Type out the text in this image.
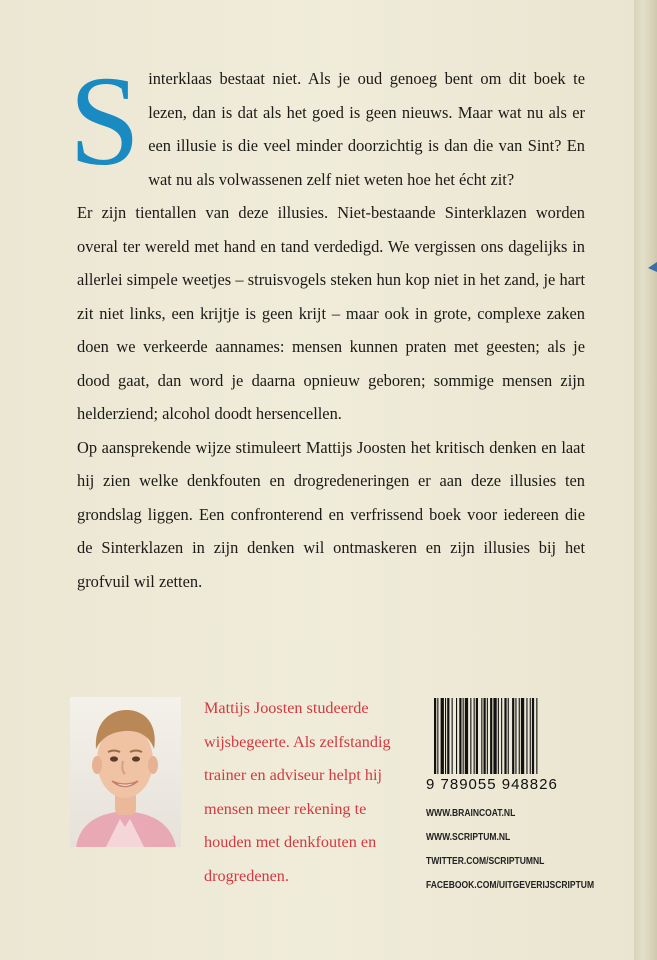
Sinterklaas bestaat niet. Als je oud genoeg bent om dit boek te lezen, dan is dat als het goed is geen nieuws. Maar wat nu als er een illusie is die veel minder doorzichtig is dan die van Sint? En wat nu als volwassenen zelf niet weten hoe het écht zit?

Er zijn tientallen van deze illusies. Niet-bestaande Sinterklazen worden overal ter wereld met hand en tand verdedigd. We vergissen ons dagelijks in allerlei simpele weetjes – struisvogels steken hun kop niet in het zand, je hart zit niet links, een krijtje is geen krijt – maar ook in grote, complexe zaken doen we verkeerde aannames: mensen kunnen praten met geesten; als je dood gaat, dan word je daarna opnieuw geboren; sommige mensen zijn helderziend; alcohol doodt hersencellen.

Op aansprekende wijze stimuleert Mattijs Joosten het kritisch denken en laat hij zien welke denkfouten en drogredeneringen er aan deze illusies ten grondslag liggen. Een confronterend en verfrissend boek voor iedereen die de Sinterklazen in zijn denken wil ontmaskeren en zijn illusies bij het grofvuil wil zetten.

Mattijs Joosten studeerde
wijsbegeerte. Als zelfstandig
trainer en adviseur helpt hij
mensen meer rekening te
houden met denkfouten en
drogredenen.
9 789055 948826
WWW.BRAINCOAT.NL
WWW.SCRIPTUM.NL
TWITTER.COM/SCRIPTUMNL
FACEBOOK.COM/UITGEVERIJSCRIPTUM
